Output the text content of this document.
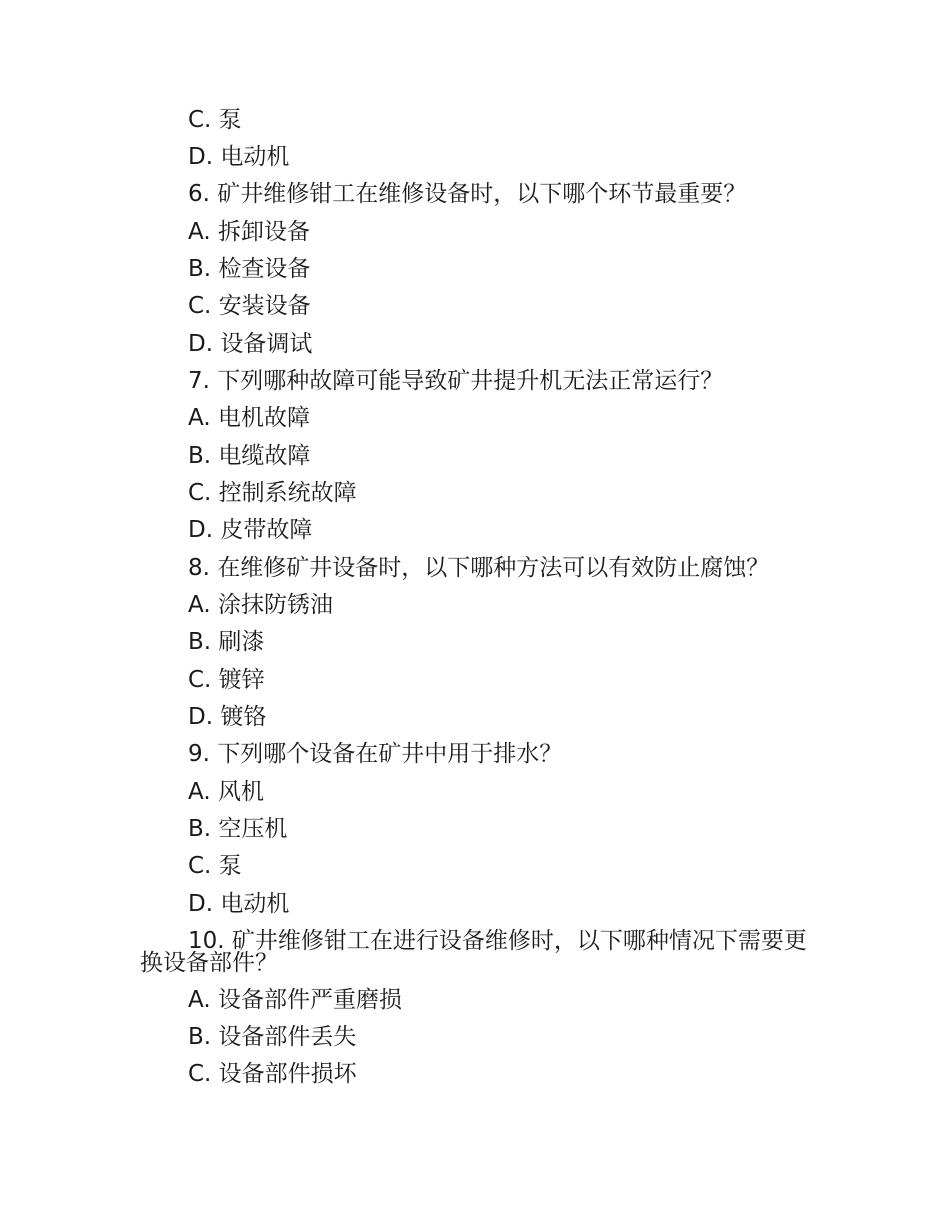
C. 泵
D. 电动机
6. 矿井维修钳工在维修设备时，以下哪个环节最重要？
A. 拆卸设备
B. 检查设备
C. 安装设备
D. 设备调试
7. 下列哪种故障可能导致矿井提升机无法正常运行？
A. 电机故障
B. 电缆故障
C. 控制系统故障
D. 皮带故障
8. 在维修矿井设备时，以下哪种方法可以有效防止腐蚀？
A. 涂抹防锈油
B. 刷漆
C. 镀锌
D. 镀铬
9. 下列哪个设备在矿井中用于排水？
A. 风机
B. 空压机
C. 泵
D. 电动机
10. 矿井维修钳工在进行设备维修时，以下哪种情况下需要更换设备部件？
A. 设备部件严重磨损
B. 设备部件丢失
C. 设备部件损坏
